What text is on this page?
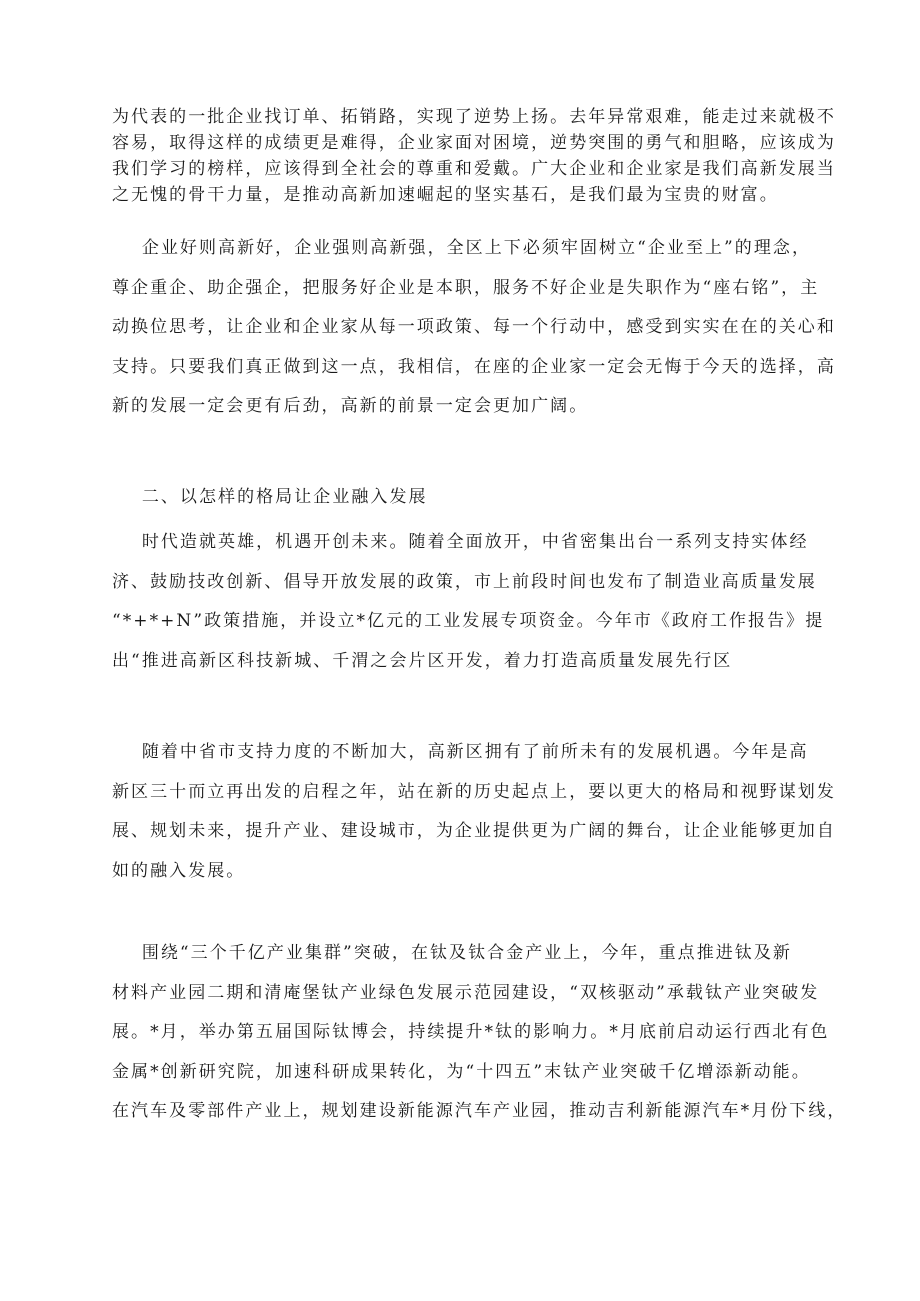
为代表的一批企业找订单、拓销路，实现了逆势上扬。去年异常艰难，能走过来就极不
容易，取得这样的成绩更是难得，企业家面对困境，逆势突围的勇气和胆略，应该成为
我们学习的榜样，应该得到全社会的尊重和爱戴。广大企业和企业家是我们高新发展当
之无愧的骨干力量，是推动高新加速崛起的坚实基石，是我们最为宝贵的财富。
企业好则高新好，企业强则高新强，全区上下必须牢固树立“企业至上”的理念，
尊企重企、助企强企，把服务好企业是本职，服务不好企业是失职作为“座右铭”，主
动换位思考，让企业和企业家从每一项政策、每一个行动中，感受到实实在在的关心和
支持。只要我们真正做到这一点，我相信，在座的企业家一定会无悔于今天的选择，高
新的发展一定会更有后劲，高新的前景一定会更加广阔。
二、以怎样的格局让企业融入发展
时代造就英雄，机遇开创未来。随着全面放开，中省密集出台一系列支持实体经
济、鼓励技改创新、倡导开放发展的政策，市上前段时间也发布了制造业高质量发展
“*+*+N”政策措施，并设立*亿元的工业发展专项资金。今年市《政府工作报告》提
出“推进高新区科技新城、千渭之会片区开发，着力打造高质量发展先行区
随着中省市支持力度的不断加大，高新区拥有了前所未有的发展机遇。今年是高
新区三十而立再出发的启程之年，站在新的历史起点上，要以更大的格局和视野谋划发
展、规划未来，提升产业、建设城市，为企业提供更为广阔的舞台，让企业能够更加自
如的融入发展。
围绕“三个千亿产业集群”突破，在钛及钛合金产业上，今年，重点推进钛及新
材料产业园二期和清庵堡钛产业绿色发展示范园建设，“双核驱动”承载钛产业突破发
展。*月，举办第五届国际钛博会，持续提升*钛的影响力。*月底前启动运行西北有色
金属*创新研究院，加速科研成果转化，为“十四五”末钛产业突破千亿增添新动能。
在汽车及零部件产业上，规划建设新能源汽车产业园，推动吉利新能源汽车*月份下线，
